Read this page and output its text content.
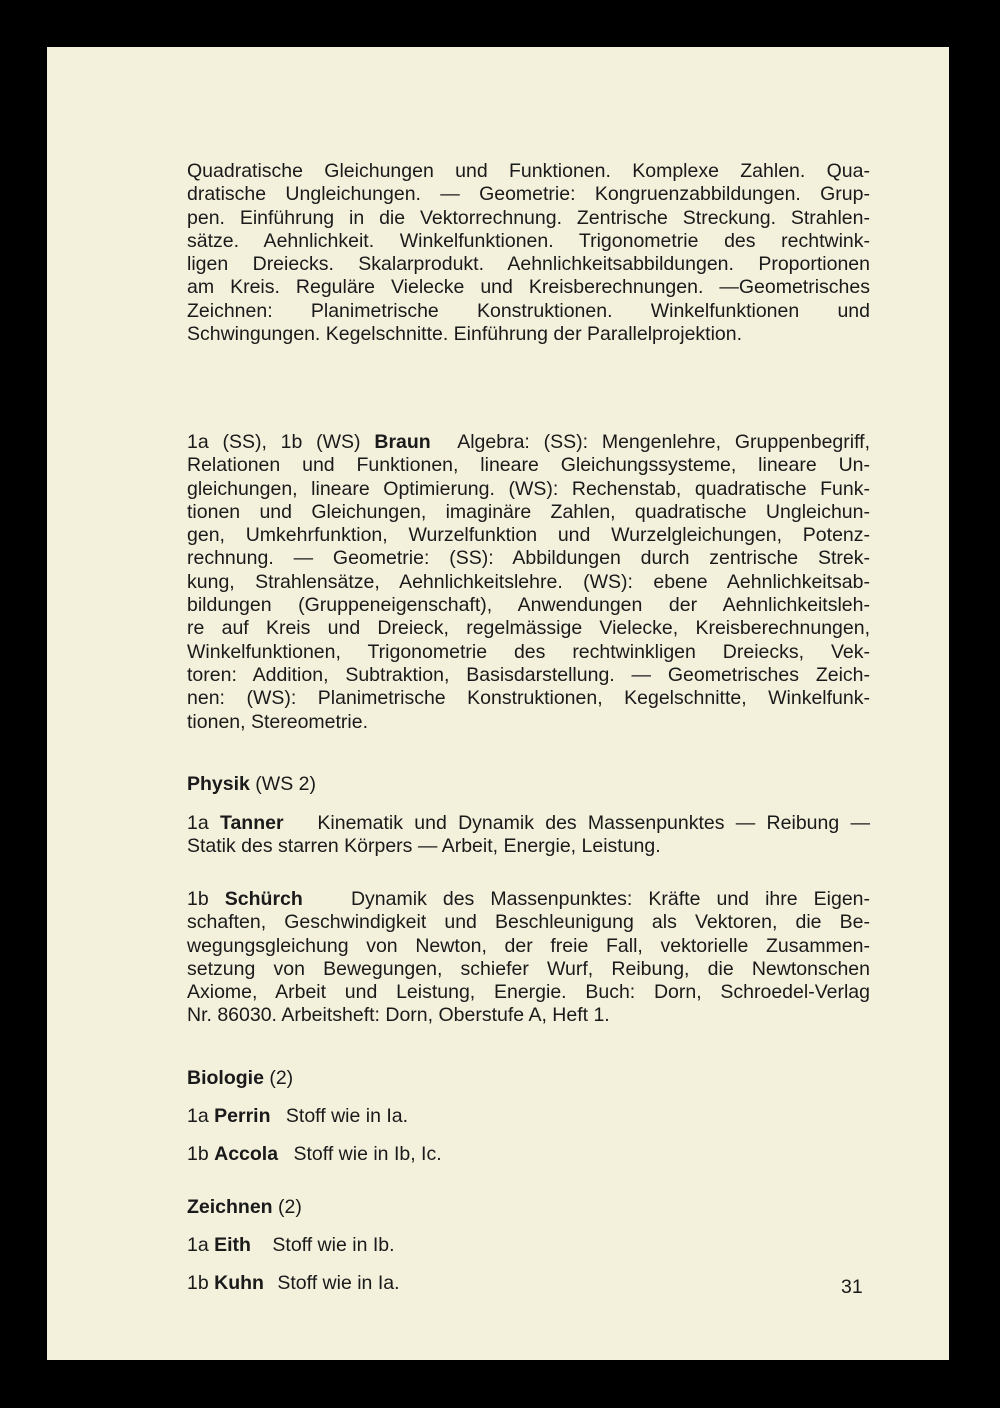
Quadratische Gleichungen und Funktionen. Komplexe Zahlen. Qua-
dratische Ungleichungen. — Geometrie: Kongruenzabbildungen. Grup-
pen. Einführung in die Vektorrechnung. Zentrische Streckung. Strahlen-
sätze. Aehnlichkeit. Winkelfunktionen. Trigonometrie des rechtwink-
ligen Dreiecks. Skalarprodukt. Aehnlichkeitsabbildungen. Proportionen
am Kreis. Reguläre Vielecke und Kreisberechnungen. —Geometrisches
Zeichnen: Planimetrische Konstruktionen. Winkelfunktionen und
Schwingungen. Kegelschnitte. Einführung der Parallelprojektion.
1a (SS), 1b (WS) Braun Algebra: (SS): Mengenlehre, Gruppenbegriff,
Relationen und Funktionen, lineare Gleichungssysteme, lineare Un-
gleichungen, lineare Optimierung. (WS): Rechenstab, quadratische Funk-
tionen und Gleichungen, imaginäre Zahlen, quadratische Ungleichun-
gen, Umkehrfunktion, Wurzelfunktion und Wurzelgleichungen, Potenz-
rechnung. — Geometrie: (SS): Abbildungen durch zentrische Strek-
kung, Strahlensätze, Aehnlichkeitslehre. (WS): ebene Aehnlichkeitsab-
bildungen (Gruppeneigenschaft), Anwendungen der Aehnlichkeitsleh-
re auf Kreis und Dreieck, regelmässige Vielecke, Kreisberechnungen,
Winkelfunktionen, Trigonometrie des rechtwinkligen Dreiecks, Vek-
toren: Addition, Subtraktion, Basisdarstellung. — Geometrisches Zeich-
nen: (WS): Planimetrische Konstruktionen, Kegelschnitte, Winkelfunk-
tionen, Stereometrie.
Physik (WS 2)
1a Tanner Kinematik und Dynamik des Massenpunktes — Reibung —
Statik des starren Körpers — Arbeit, Energie, Leistung.
1b Schürch Dynamik des Massenpunktes: Kräfte und ihre Eigen-
schaften, Geschwindigkeit und Beschleunigung als Vektoren, die Be-
wegungsgleichung von Newton, der freie Fall, vektorielle Zusammen-
setzung von Bewegungen, schiefer Wurf, Reibung, die Newtonschen
Axiome, Arbeit und Leistung, Energie. Buch: Dorn, Schroedel-Verlag
Nr. 86030. Arbeitsheft: Dorn, Oberstufe A, Heft 1.
Biologie (2)
1a Perrin Stoff wie in Ia.
1b Accola Stoff wie in Ib, Ic.
Zeichnen (2)
1a Eith Stoff wie in Ib.
1b Kuhn Stoff wie in Ia.	31
